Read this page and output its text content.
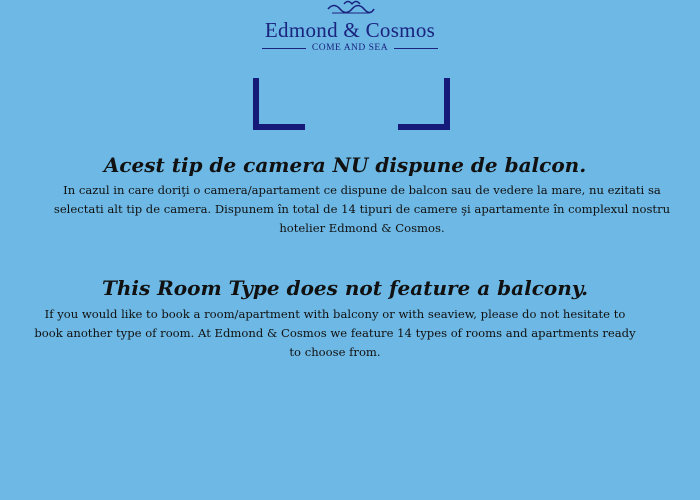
Edmond & Cosmos
COME AND SEA
Acest tip de camera NU dispune de balcon.
In cazul in care doriţi o camera/apartament ce dispune de balcon sau de vedere la mare, nu ezitati sa selectati alt tip de camera. Dispunem în total de 14 tipuri de camere şi apartamente în complexul nostru hotelier Edmond & Cosmos.
This Room Type does not feature a balcony.
If you would like to book a room/apartment with balcony or with seaview, please do not hesitate to book another type of room. At Edmond & Cosmos we feature 14 types of rooms and apartments ready to choose from.
